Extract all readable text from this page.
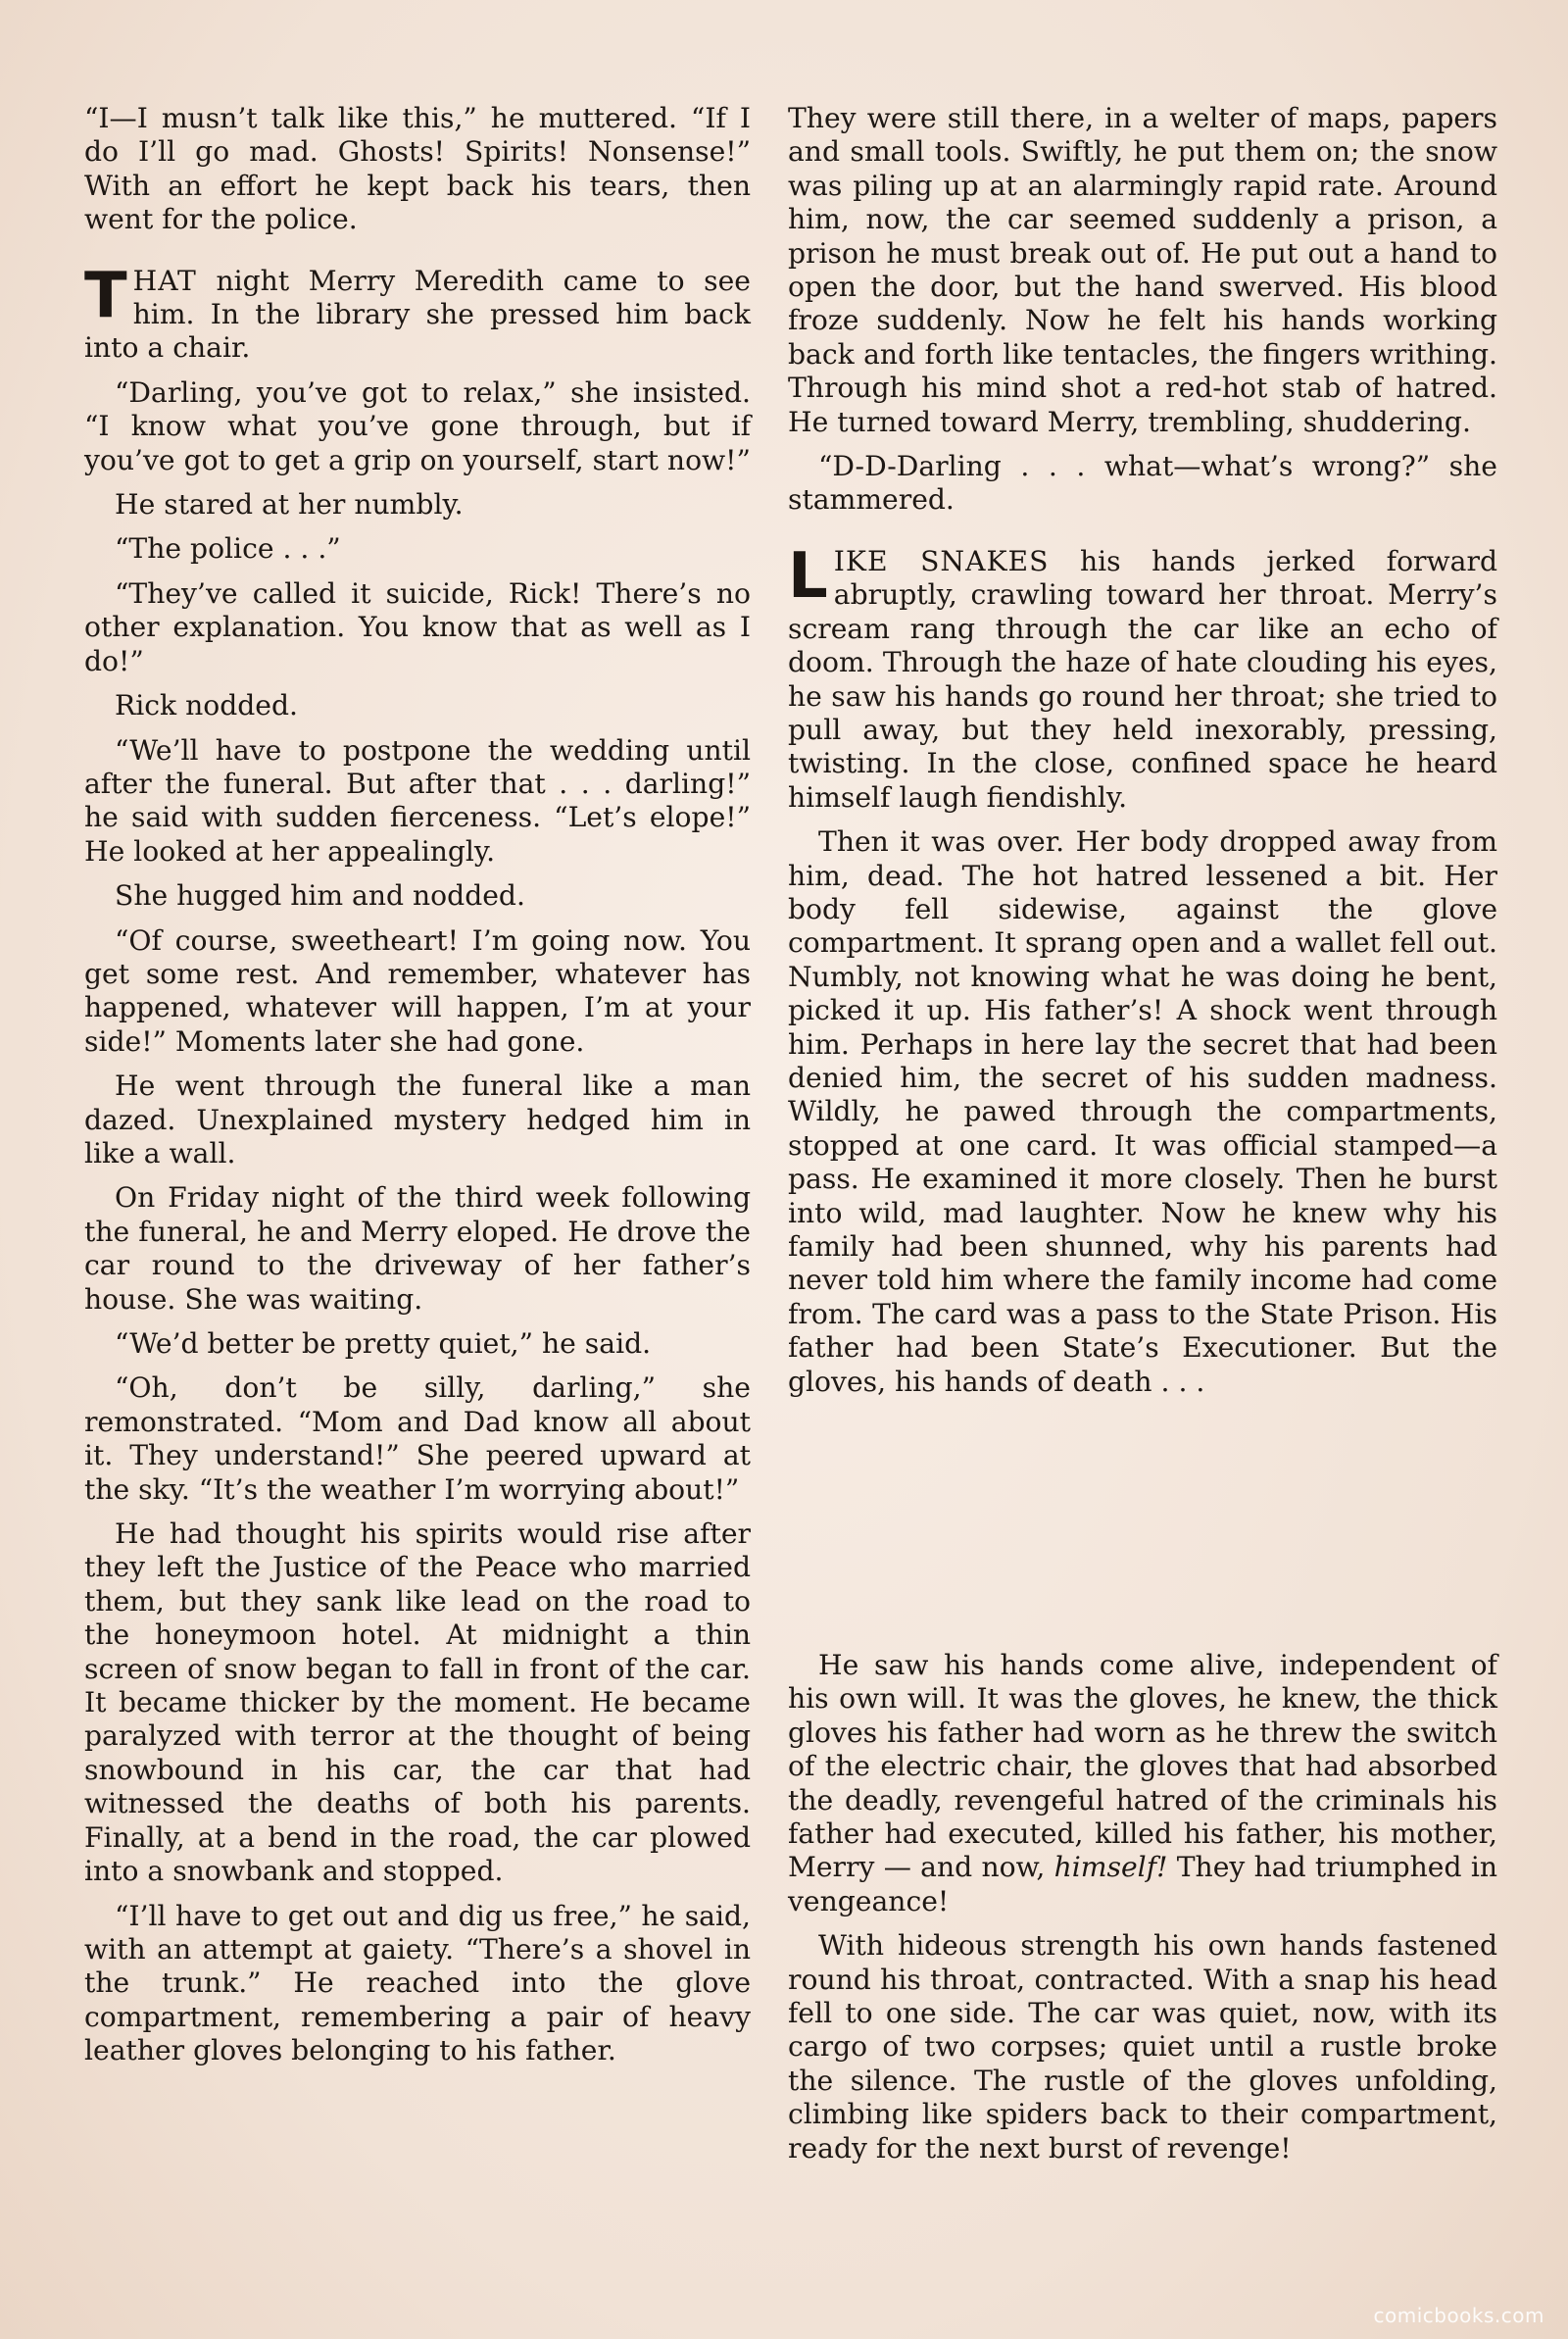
“I—I musn’t talk like this,” he muttered. “If I do I’ll go mad. Ghosts! Spirits! Nonsense!” With an effort he kept back his tears, then went for the police.

THAT night Merry Meredith came to see him. In the library she pressed him back into a chair.

“Darling, you’ve got to relax,” she insisted. “I know what you’ve gone through, but if you’ve got to get a grip on yourself, start now!”

He stared at her numbly.

“The police . . .”

“They’ve called it suicide, Rick! There’s no other explanation. You know that as well as I do!”

Rick nodded.

“We’ll have to postpone the wedding until after the funeral. But after that . . . darling!” he said with sudden fierceness. “Let’s elope!” He looked at her appealingly.

She hugged him and nodded.

“Of course, sweetheart! I’m going now. You get some rest. And remember, whatever has happened, whatever will happen, I’m at your side!” Moments later she had gone.

He went through the funeral like a man dazed. Unexplained mystery hedged him in like a wall.

On Friday night of the third week following the funeral, he and Merry eloped. He drove the car round to the driveway of her father’s house. She was waiting.

“We’d better be pretty quiet,” he said.

“Oh, don’t be silly, darling,” she remonstrated. “Mom and Dad know all about it. They understand!” She peered upward at the sky. “It’s the weather I’m worrying about!”

He had thought his spirits would rise after they left the Justice of the Peace who married them, but they sank like lead on the road to the honeymoon hotel. At midnight a thin screen of snow began to fall in front of the car. It became thicker by the moment. He became paralyzed with terror at the thought of being snowbound in his car, the car that had witnessed the deaths of both his parents. Finally, at a bend in the road, the car plowed into a snowbank and stopped.

“I’ll have to get out and dig us free,” he said, with an attempt at gaiety. “There’s a shovel in the trunk.” He reached into the glove compartment, remembering a pair of heavy leather gloves belonging to his father.

They were still there, in a welter of maps, papers and small tools. Swiftly, he put them on; the snow was piling up at an alarmingly rapid rate. Around him, now, the car seemed suddenly a prison, a prison he must break out of. He put out a hand to open the door, but the hand swerved. His blood froze suddenly. Now he felt his hands working back and forth like tentacles, the fingers writhing. Through his mind shot a red-hot stab of hatred. He turned toward Merry, trembling, shuddering.

“D-D-Darling . . . what—what’s wrong?” she stammered.

LIKE SNAKES his hands jerked forward abruptly, crawling toward her throat. Merry’s scream rang through the car like an echo of doom. Through the haze of hate clouding his eyes, he saw his hands go round her throat; she tried to pull away, but they held inexorably, pressing, twisting. In the close, confined space he heard himself laugh fiendishly.

Then it was over. Her body dropped away from him, dead. The hot hatred lessened a bit. Her body fell sidewise, against the glove compartment. It sprang open and a wallet fell out. Numbly, not knowing what he was doing he bent, picked it up. His father’s! A shock went through him. Perhaps in here lay the secret that had been denied him, the secret of his sudden madness. Wildly, he pawed through the compartments, stopped at one card. It was official stamped—a pass. He examined it more closely. Then he burst into wild, mad laughter. Now he knew why his family had been shunned, why his parents had never told him where the family income had come from. The card was a pass to the State Prison. His father had been State’s Executioner. But the gloves, his hands of death . . .

He saw his hands come alive, independent of his own will. It was the gloves, he knew, the thick gloves his father had worn as he threw the switch of the electric chair, the gloves that had absorbed the deadly, revengeful hatred of the criminals his father had executed, killed his father, his mother, Merry — and now, himself! They had triumphed in vengeance!

With hideous strength his own hands fastened round his throat, contracted. With a snap his head fell to one side. The car was quiet, now, with its cargo of two corpses; quiet until a rustle broke the silence. The rustle of the gloves unfolding, climbing like spiders back to their compartment, ready for the next burst of revenge!

comicbooks.com
